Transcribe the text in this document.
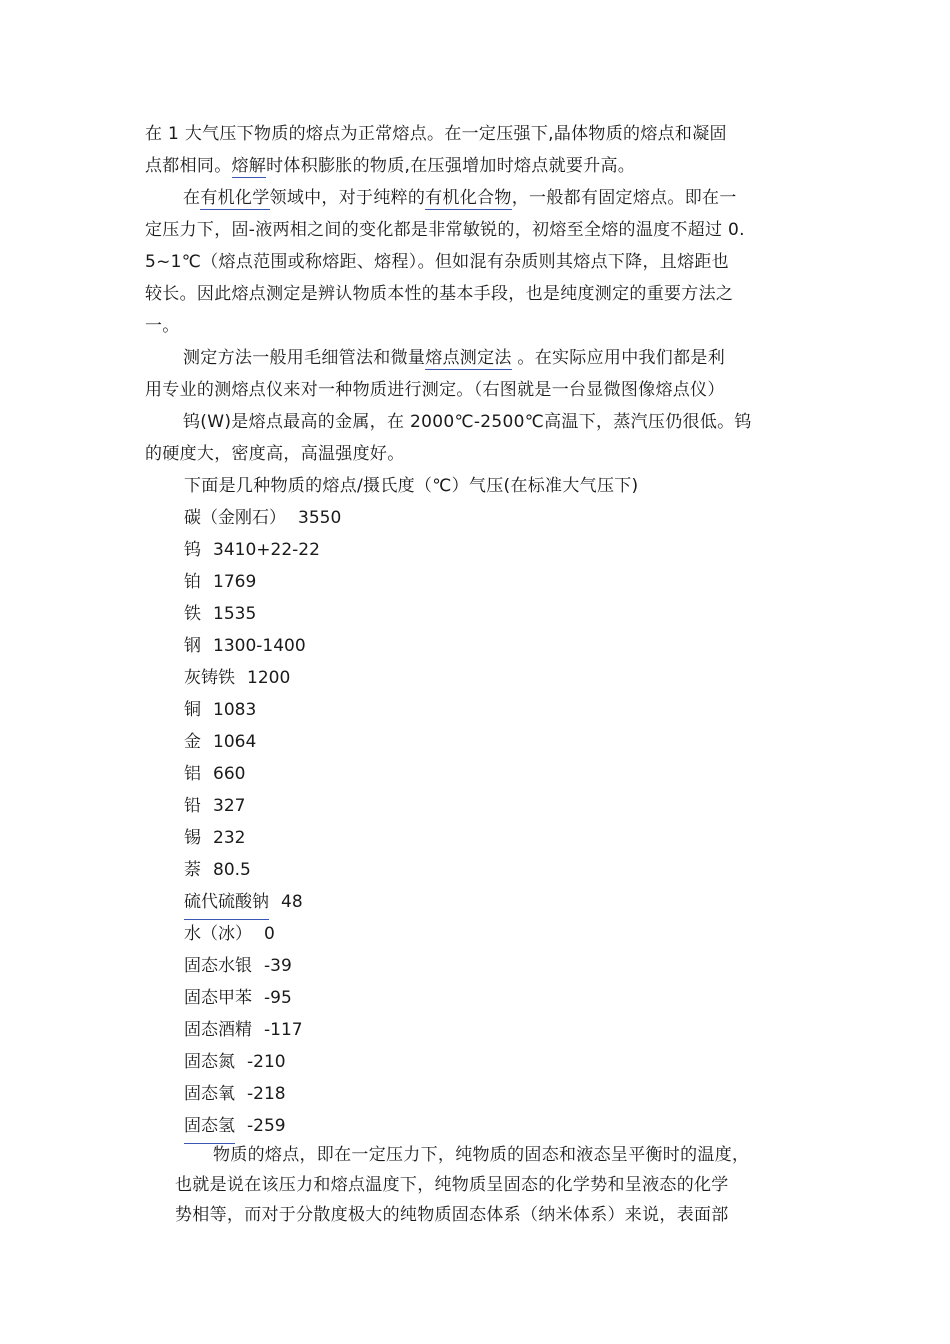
在 1 大气压下物质的熔点为正常熔点。在一定压强下,晶体物质的熔点和凝固
点都相同。熔解时体积膨胀的物质,在压强增加时熔点就要升高。
在有机化学领域中，对于纯粹的有机化合物，一般都有固定熔点。即在一
定压力下，固-液两相之间的变化都是非常敏锐的，初熔至全熔的温度不超过 0.
5~1℃（熔点范围或称熔距、熔程）。但如混有杂质则其熔点下降，且熔距也
较长。因此熔点测定是辨认物质本性的基本手段，也是纯度测定的重要方法之
一。
测定方法一般用毛细管法和微量熔点测定法 。在实际应用中我们都是利
用专业的测熔点仪来对一种物质进行测定。（右图就是一台显微图像熔点仪）
钨(W)是熔点最高的金属，在 2000℃-2500℃高温下，蒸汽压仍很低。钨
的硬度大，密度高，高温强度好。
下面是几种物质的熔点/摄氏度（℃）气压(在标准大气压下)
碳（金刚石） 3550
钨 3410+22-22
铂 1769
铁 1535
钢 1300-1400
灰铸铁 1200
铜 1083
金 1064
铝 660
铅 327
锡 232
萘 80.5
硫代硫酸钠 48
水（冰） 0
固态水银 -39
固态甲苯 -95
固态酒精 -117
固态氮 -210
固态氧 -218
固态氢 -259
物质的熔点，即在一定压力下，纯物质的固态和液态呈平衡时的温度，
也就是说在该压力和熔点温度下，纯物质呈固态的化学势和呈液态的化学
势相等，而对于分散度极大的纯物质固态体系（纳米体系）来说，表面部
